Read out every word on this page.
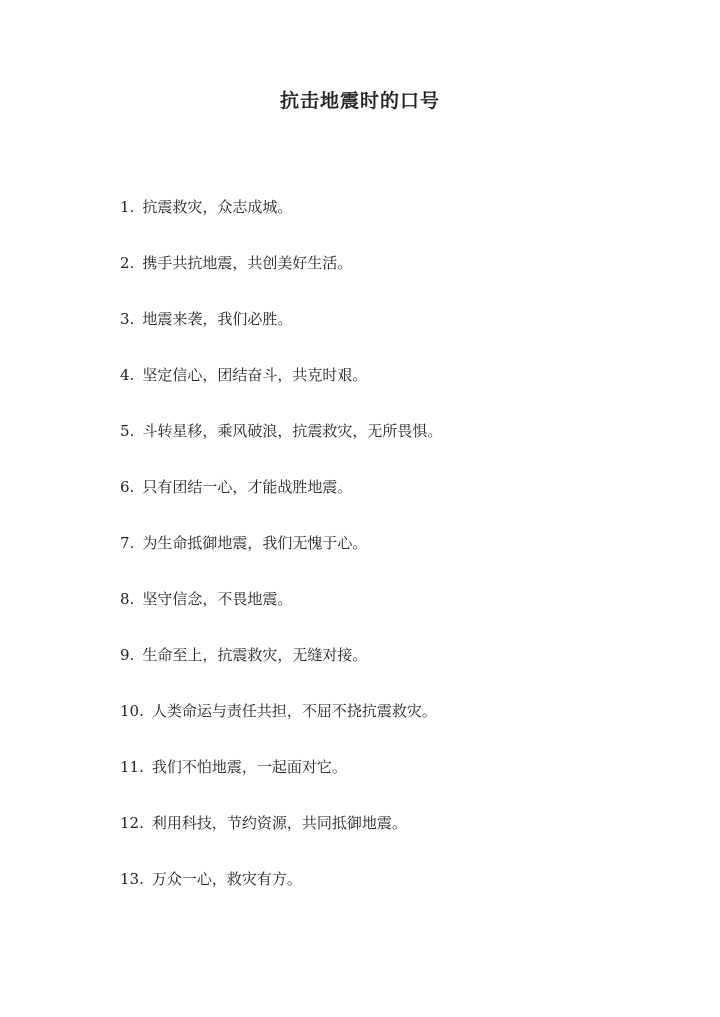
抗击地震时的口号
1. 抗震救灾，众志成城。
2. 携手共抗地震，共创美好生活。
3. 地震来袭，我们必胜。
4. 坚定信心，团结奋斗，共克时艰。
5. 斗转星移，乘风破浪，抗震救灾，无所畏惧。
6. 只有团结一心，才能战胜地震。
7. 为生命抵御地震，我们无愧于心。
8. 坚守信念，不畏地震。
9. 生命至上，抗震救灾，无缝对接。
10. 人类命运与责任共担，不屈不挠抗震救灾。
11. 我们不怕地震，一起面对它。
12. 利用科技，节约资源，共同抵御地震。
13. 万众一心，救灾有方。
